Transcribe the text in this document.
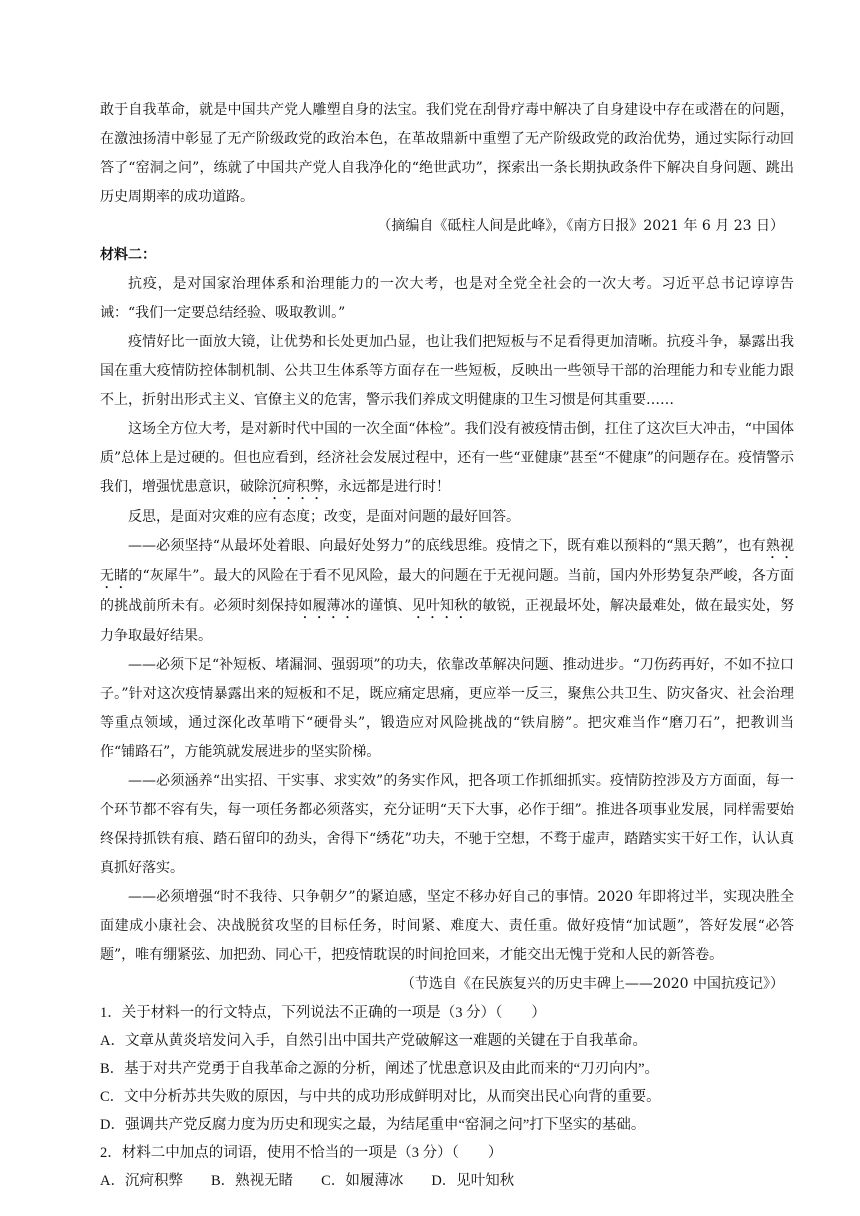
敢于自我革命，就是中国共产党人雕塑自身的法宝。我们党在刮骨疗毒中解决了自身建设中存在或潜在的问题，在激浊扬清中彰显了无产阶级政党的政治本色，在革故鼎新中重塑了无产阶级政党的政治优势，通过实际行动回答了“窑洞之问”，练就了中国共产党人自我净化的“绝世武功”，探索出一条长期执政条件下解决自身问题、跳出历史周期率的成功道路。

（摘编自《砥柱人间是此峰》，《南方日报》2021 年 6 月 23 日）

材料二：

抗疫，是对国家治理体系和治理能力的一次大考，也是对全党全社会的一次大考。习近平总书记谆谆告诫：“我们一定要总结经验、吸取教训。”

疫情好比一面放大镜，让优势和长处更加凸显，也让我们把短板与不足看得更加清晰。抗疫斗争，暴露出我国在重大疫情防控体制机制、公共卫生体系等方面存在一些短板，反映出一些领导干部的治理能力和专业能力跟不上，折射出形式主义、官僚主义的危害，警示我们养成文明健康的卫生习惯是何其重要……

这场全方位大考，是对新时代中国的一次全面“体检”。我们没有被疫情击倒，扛住了这次巨大冲击，“中国体质”总体上是过硬的。但也应看到，经济社会发展过程中，还有一些“亚健康”甚至“不健康”的问题存在。疫情警示我们，增强忧患意识，破除沉疴积弊，永远都是进行时！

反思，是面对灾难的应有态度；改变，是面对问题的最好回答。

——必须坚持“从最坏处着眼、向最好处努力”的底线思维。疫情之下，既有难以预料的“黑天鹅”，也有熟视无睹的“灰犀牛”。最大的风险在于看不见风险，最大的问题在于无视问题。当前，国内外形势复杂严峻，各方面的挑战前所未有。必须时刻保持如履薄冰的谨慎、见叶知秋的敏锐，正视最坏处，解决最难处，做在最实处，努力争取最好结果。

——必须下足“补短板、堵漏洞、强弱项”的功夫，依靠改革解决问题、推动进步。“刀伤药再好，不如不拉口子。”针对这次疫情暴露出来的短板和不足，既应痛定思痛，更应举一反三，聚焦公共卫生、防灾备灾、社会治理等重点领域，通过深化改革啃下“硬骨头”，锻造应对风险挑战的“铁肩膀”。把灾难当作“磨刀石”，把教训当作“铺路石”，方能筑就发展进步的坚实阶梯。

——必须涵养“出实招、干实事、求实效”的务实作风，把各项工作抓细抓实。疫情防控涉及方方面面，每一个环节都不容有失，每一项任务都必须落实，充分证明“天下大事，必作于细”。推进各项事业发展，同样需要始终保持抓铁有痕、踏石留印的劲头，舍得下“绣花”功夫，不驰于空想，不骛于虚声，踏踏实实干好工作，认认真真抓好落实。

——必须增强“时不我待、只争朝夕”的紧迫感，坚定不移办好自己的事情。2020 年即将过半，实现决胜全面建成小康社会、决战脱贫攻坚的目标任务，时间紧、难度大、责任重。做好疫情“加试题”，答好发展“必答题”，唯有绷紧弦、加把劲、同心干，把疫情耽误的时间抢回来，才能交出无愧于党和人民的新答卷。

（节选自《在民族复兴的历史丰碑上——2020 中国抗疫记》）

1．关于材料一的行文特点，下列说法不正确的一项是（3 分）（　　）

A．文章从黄炎培发问入手，自然引出中国共产党破解这一难题的关键在于自我革命。

B．基于对共产党勇于自我革命之源的分析，阐述了忧患意识及由此而来的“刀刃向内”。

C．文中分析苏共失败的原因，与中共的成功形成鲜明对比，从而突出民心向背的重要。

D．强调共产党反腐力度为历史和现实之最，为结尾重申“窑洞之问”打下坚实的基础。

2．材料二中加点的词语，使用不恰当的一项是（3 分）（　　）

A．沉疴积弊 B．熟视无睹 C．如履薄冰 D．见叶知秋
